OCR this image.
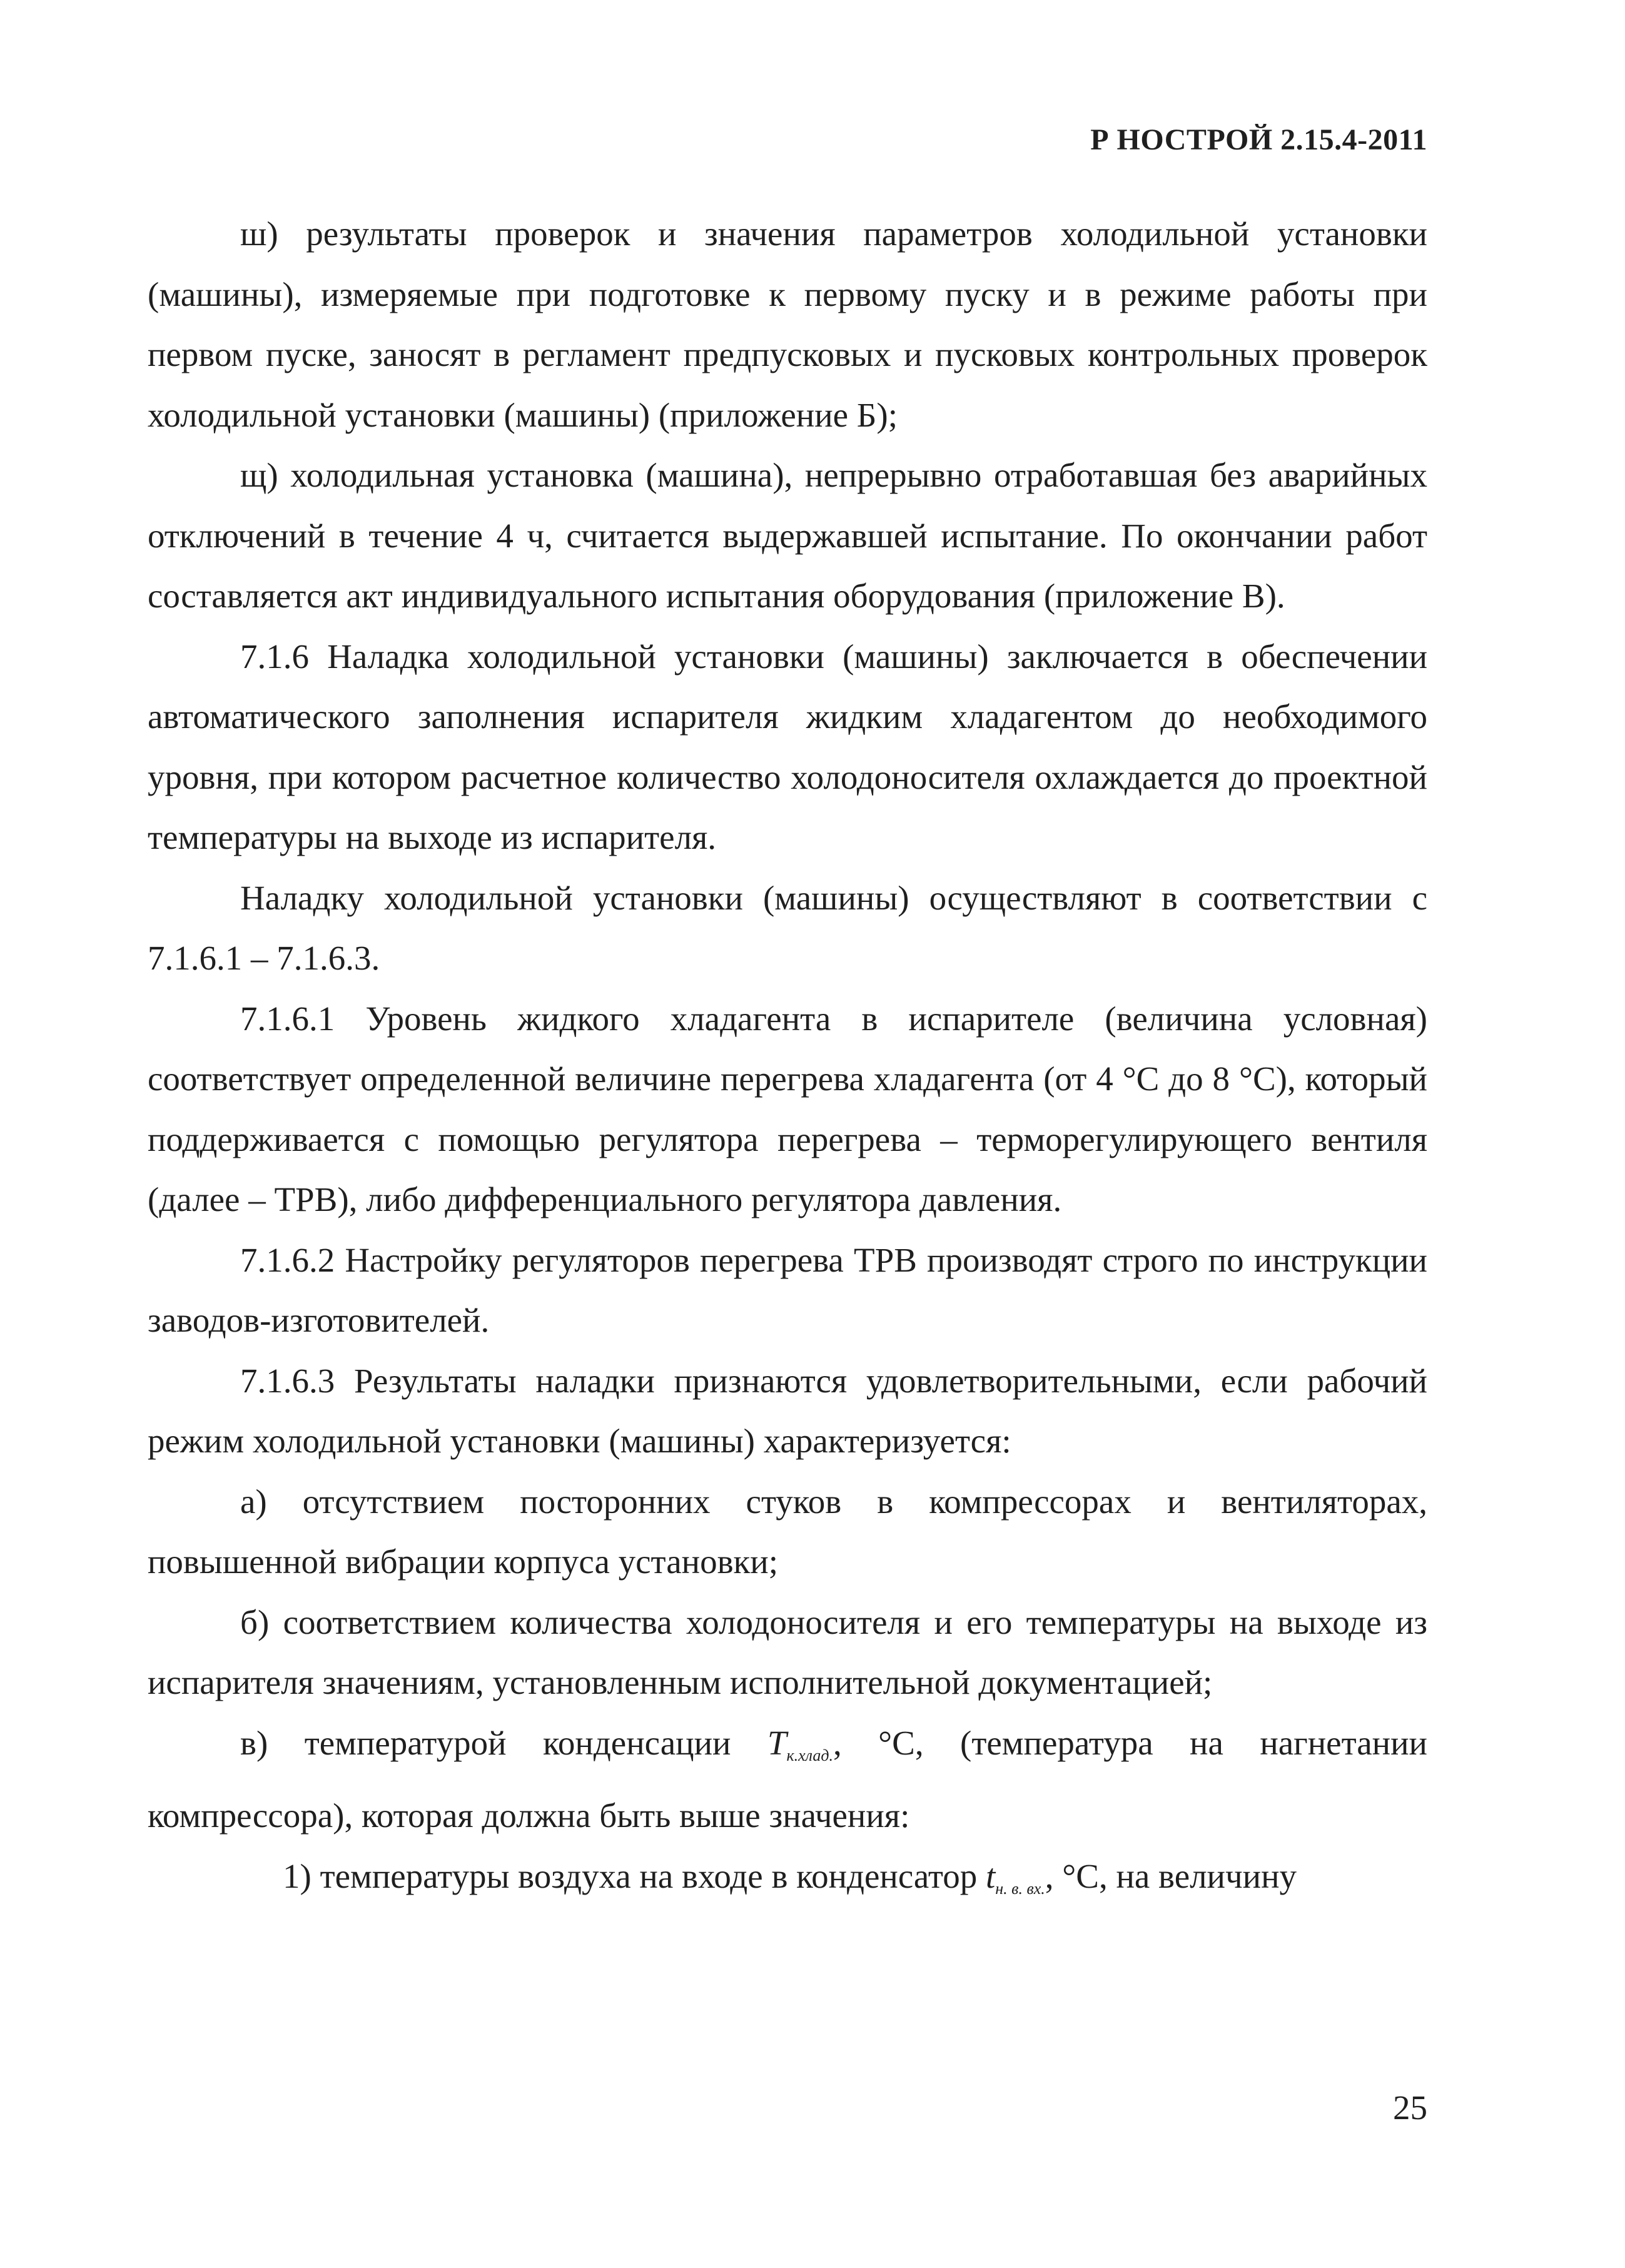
Р НОСТРОЙ 2.15.4-2011

ш) результаты проверок и значения параметров холодильной установки (машины), измеряемые при подготовке к первому пуску и в режиме работы при первом пуске, заносят в регламент предпусковых и пусковых контрольных проверок холодильной установки (машины) (приложение Б);

щ) холодильная установка (машина), непрерывно отработавшая без аварийных отключений в течение 4 ч, считается выдержавшей испытание. По окончании работ составляется акт индивидуального испытания оборудования (приложение В).

7.1.6 Наладка холодильной установки (машины) заключается в обеспечении автоматического заполнения испарителя жидким хладагентом до необходимого уровня, при котором расчетное количество холодоносителя охлаждается до проектной температуры на выходе из испарителя.

Наладку холодильной установки (машины) осуществляют в соответствии с 7.1.6.1 – 7.1.6.3.

7.1.6.1 Уровень жидкого хладагента в испарителе (величина условная) соответствует определенной величине перегрева хладагента (от 4 °С до 8 °С), который поддерживается с помощью регулятора перегрева – терморегулирующего вентиля (далее – ТРВ), либо дифференциального регулятора давления.

7.1.6.2 Настройку регуляторов перегрева ТРВ производят строго по инструкции заводов-изготовителей.

7.1.6.3 Результаты наладки признаются удовлетворительными, если рабочий режим холодильной установки (машины) характеризуется:

а) отсутствием посторонних стуков в компрессорах и вентиляторах, повышенной вибрации корпуса установки;

б) соответствием количества холодоносителя и его температуры на выходе из испарителя значениям, установленным исполнительной документацией;

в) температурой конденсации $T_{к.хлад.}$, °С, (температура на нагнетании компрессора), которая должна быть выше значения:

1) температуры воздуха на входе в конденсатор $t_{н. в. вх.}$, °С, на величину

25
